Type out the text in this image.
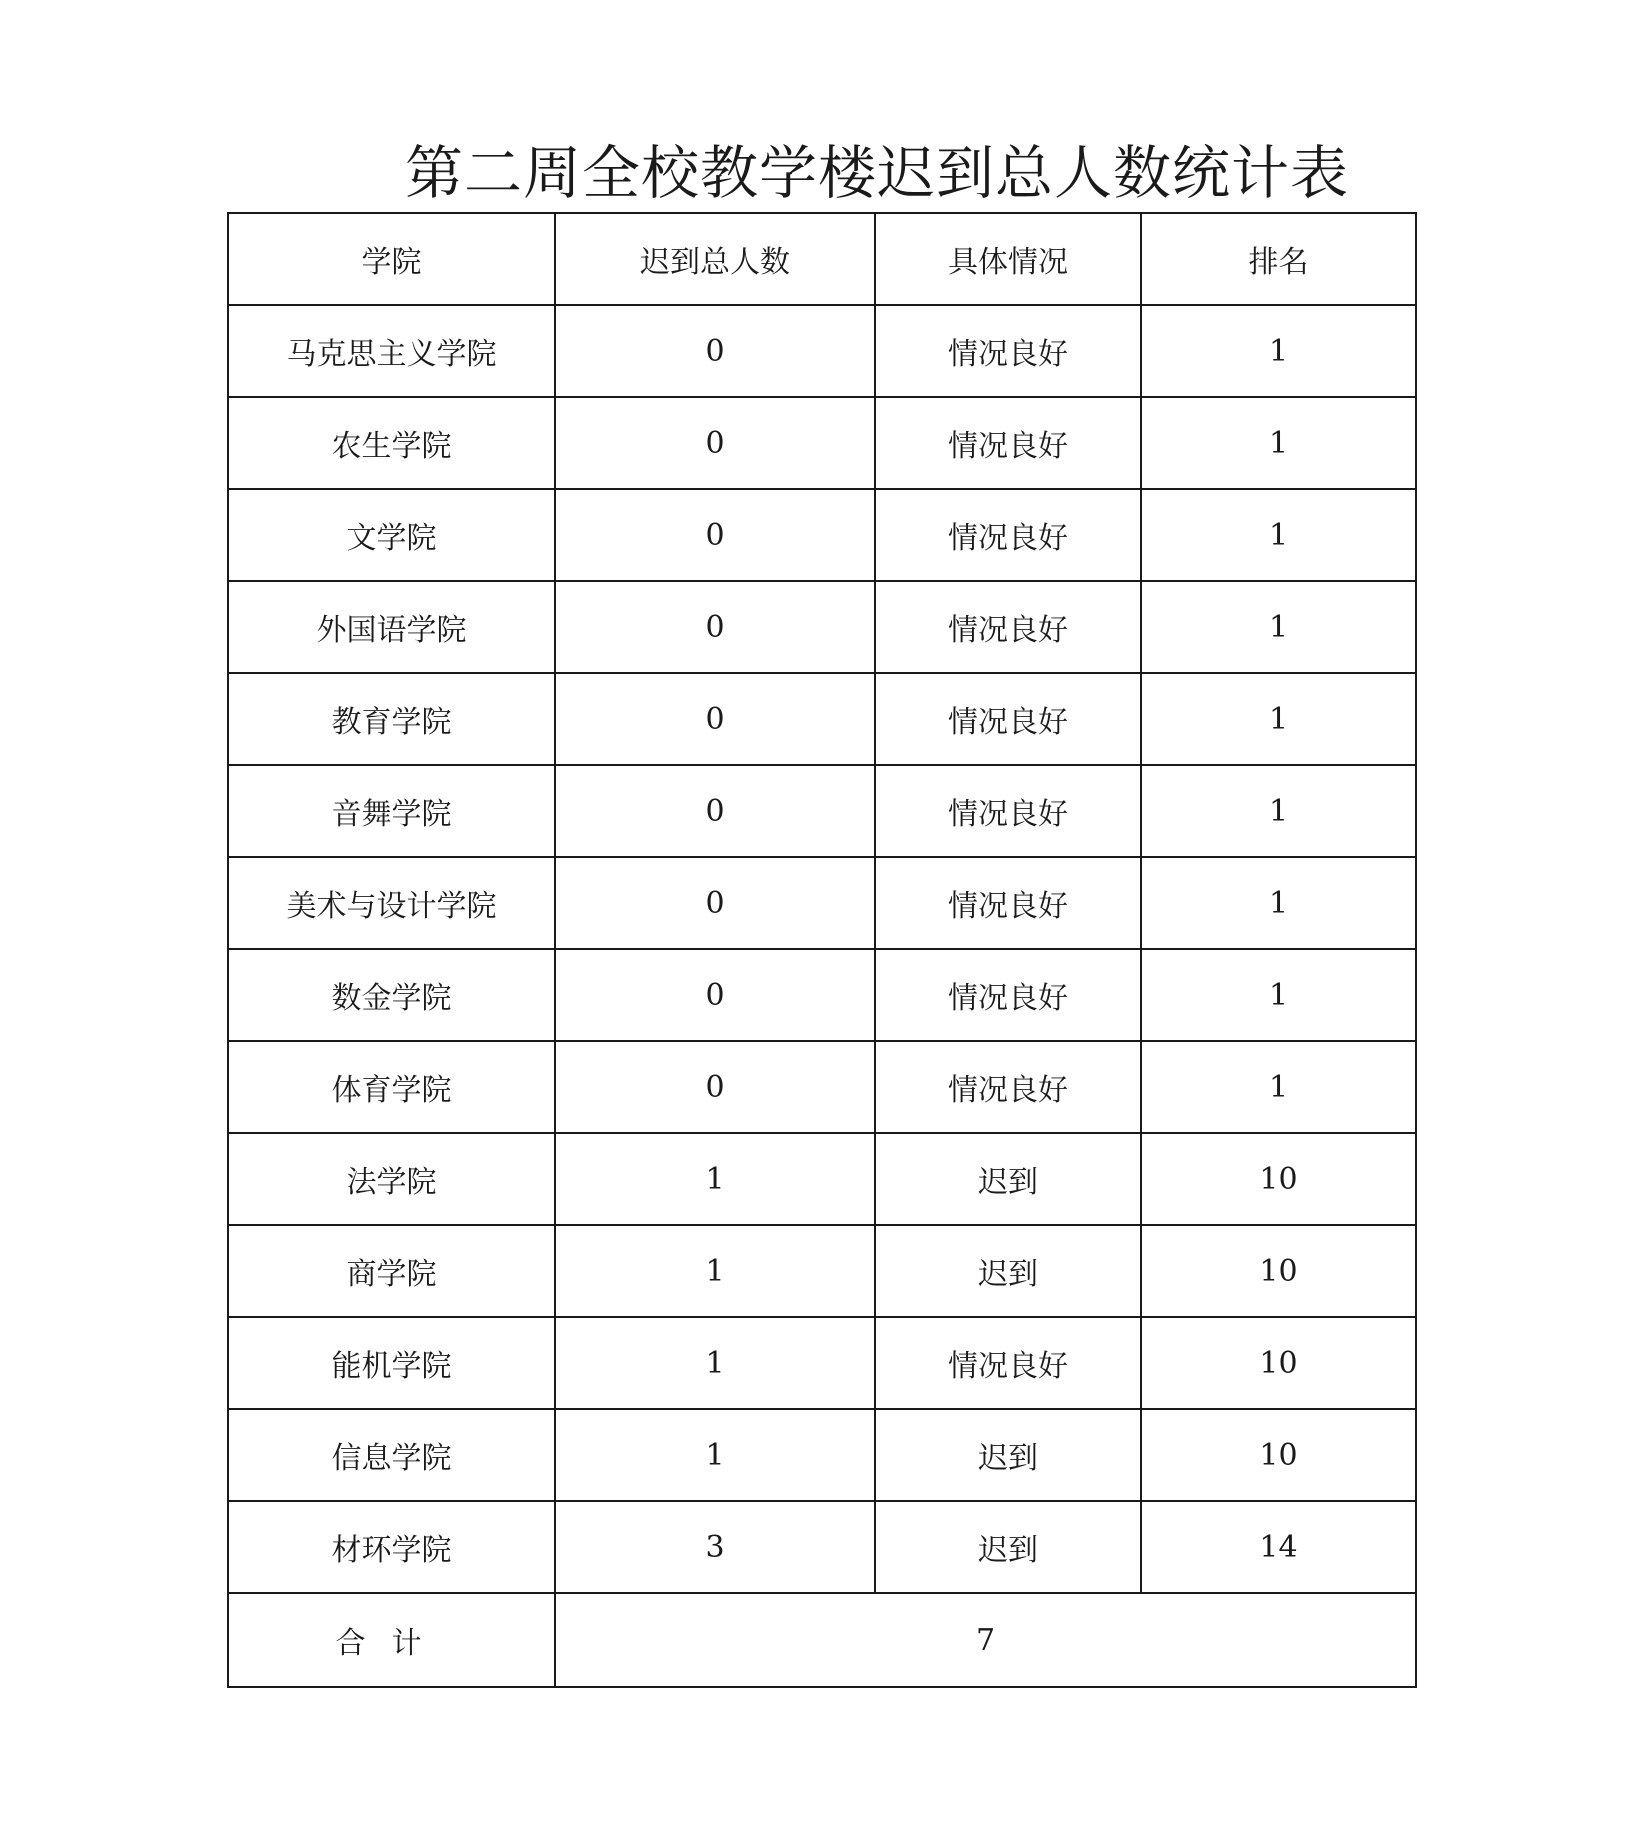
第二周全校教学楼迟到总人数统计表
学院	迟到总人数	具体情况	排名
马克思主义学院	0	情况良好	1
农生学院	0	情况良好	1
文学院	0	情况良好	1
外国语学院	0	情况良好	1
教育学院	0	情况良好	1
音舞学院	0	情况良好	1
美术与设计学院	0	情况良好	1
数金学院	0	情况良好	1
体育学院	0	情况良好	1
法学院	1	迟到	10
商学院	1	迟到	10
能机学院	1	情况良好	10
信息学院	1	迟到	10
材环学院	3	迟到	14
合计	7		
